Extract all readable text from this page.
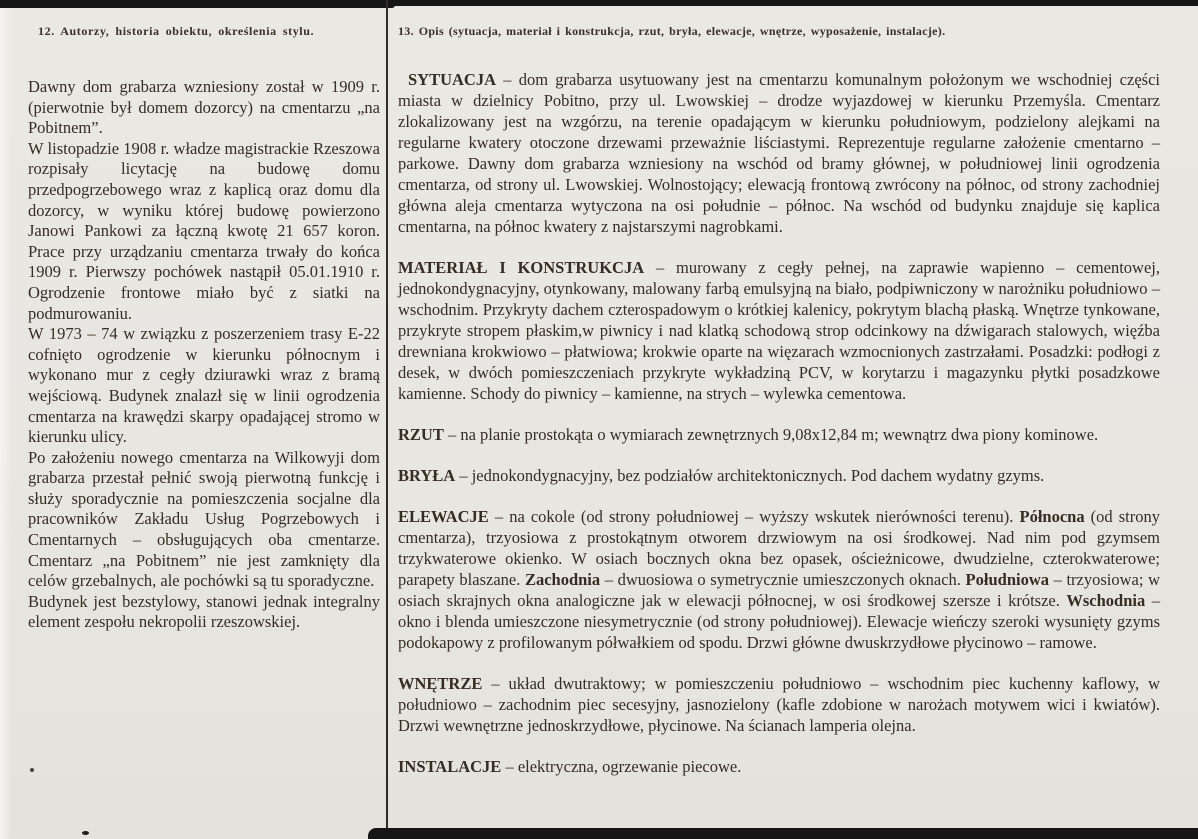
12. Autorzy, historia obiektu, określenia stylu.

Dawny dom grabarza wzniesiony został w 1909 r. (pierwotnie był domem dozorcy) na cmentarzu „na Pobitnem”.

W listopadzie 1908 r. władze magistrackie Rzeszowa rozpisały licytację na budowę domu przedpogrzebowego wraz z kaplicą oraz domu dla dozorcy, w wyniku której budowę powierzono Janowi Pankowi za łączną kwotę 21 657 koron. Prace przy urządzaniu cmentarza trwały do końca 1909 r. Pierwszy pochówek nastąpił 05.01.1910 r. Ogrodzenie frontowe miało być z siatki na podmurowaniu.

W 1973 – 74 w związku z poszerzeniem trasy E-22 cofnięto ogrodzenie w kierunku północnym i wykonano mur z cegły dziurawki wraz z bramą wejściową. Budynek znalazł się w linii ogrodzenia cmentarza na krawędzi skarpy opadającej stromo w kierunku ulicy.

Po założeniu nowego cmentarza na Wilkowyji dom grabarza przestał pełnić swoją pierwotną funkcję i służy sporadycznie na pomieszczenia socjalne dla pracowników Zakładu Usług Pogrzebowych i Cmentarnych – obsługujących oba cmentarze. Cmentarz „na Pobitnem” nie jest zamknięty dla celów grzebalnych, ale pochówki są tu sporadyczne.

Budynek jest bezstylowy, stanowi jednak integralny element zespołu nekropolii rzeszowskiej.

13. Opis (sytuacja, materiał i konstrukcja, rzut, bryła, elewacje, wnętrze, wyposażenie, instalacje).

SYTUACJA – dom grabarza usytuowany jest na cmentarzu komunalnym położonym we wschodniej części miasta w dzielnicy Pobitno, przy ul. Lwowskiej – drodze wyjazdowej w kierunku Przemyśla. Cmentarz zlokalizowany jest na wzgórzu, na terenie opadającym w kierunku południowym, podzielony alejkami na regularne kwatery otoczone drzewami przeważnie liściastymi. Reprezentuje regularne założenie cmentarno – parkowe. Dawny dom grabarza wzniesiony na wschód od bramy głównej, w południowej linii ogrodzenia cmentarza, od strony ul. Lwowskiej. Wolnostojący; elewacją frontową zwrócony na północ, od strony zachodniej główna aleja cmentarza wytyczona na osi południe – północ. Na wschód od budynku znajduje się kaplica cmentarna, na północ kwatery z najstarszymi nagrobkami.

MATERIAŁ I KONSTRUKCJA – murowany z cegły pełnej, na zaprawie wapienno – cementowej, jednokondygnacyjny, otynkowany, malowany farbą emulsyjną na biało, podpiwniczony w narożniku południowo – wschodnim. Przykryty dachem czterospadowym o krótkiej kalenicy, pokrytym blachą płaską. Wnętrze tynkowane, przykryte stropem płaskim,w piwnicy i nad klatką schodową strop odcinkowy na dźwigarach stalowych, więźba drewniana krokwiowo – płatwiowa; krokwie oparte na więzarach wzmocnionych zastrzałami. Posadzki: podłogi z desek, w dwóch pomieszczeniach przykryte wykładziną PCV, w korytarzu i magazynku płytki posadzkowe kamienne. Schody do piwnicy – kamienne, na strych – wylewka cementowa.

RZUT – na planie prostokąta o wymiarach zewnętrznych 9,08x12,84 m; wewnątrz dwa piony kominowe.

BRYŁA – jednokondygnacyjny, bez podziałów architektonicznych. Pod dachem wydatny gzyms.

ELEWACJE – na cokole (od strony południowej – wyższy wskutek nierówności terenu). Północna (od strony cmentarza), trzyosiowa z prostokątnym otworem drzwiowym na osi środkowej. Nad nim pod gzymsem trzykwaterowe okienko. W osiach bocznych okna bez opasek, ościeżnicowe, dwudzielne, czterokwaterowe; parapety blaszane. Zachodnia – dwuosiowa o symetrycznie umieszczonych oknach. Południowa – trzyosiowa; w osiach skrajnych okna analogiczne jak w elewacji północnej, w osi środkowej szersze i krótsze. Wschodnia – okno i blenda umieszczone niesymetrycznie (od strony południowej). Elewacje wieńczy szeroki wysunięty gzyms podokapowy z profilowanym półwałkiem od spodu. Drzwi główne dwuskrzydłowe płycinowo – ramowe.

WNĘTRZE – układ dwutraktowy; w pomieszczeniu południowo – wschodnim piec kuchenny kaflowy, w południowo – zachodnim piec secesyjny, jasnozielony (kafle zdobione w narożach motywem wici i kwiatów). Drzwi wewnętrzne jednoskrzydłowe, płycinowe. Na ścianach lamperia olejna.

INSTALACJE – elektryczna, ogrzewanie piecowe.
